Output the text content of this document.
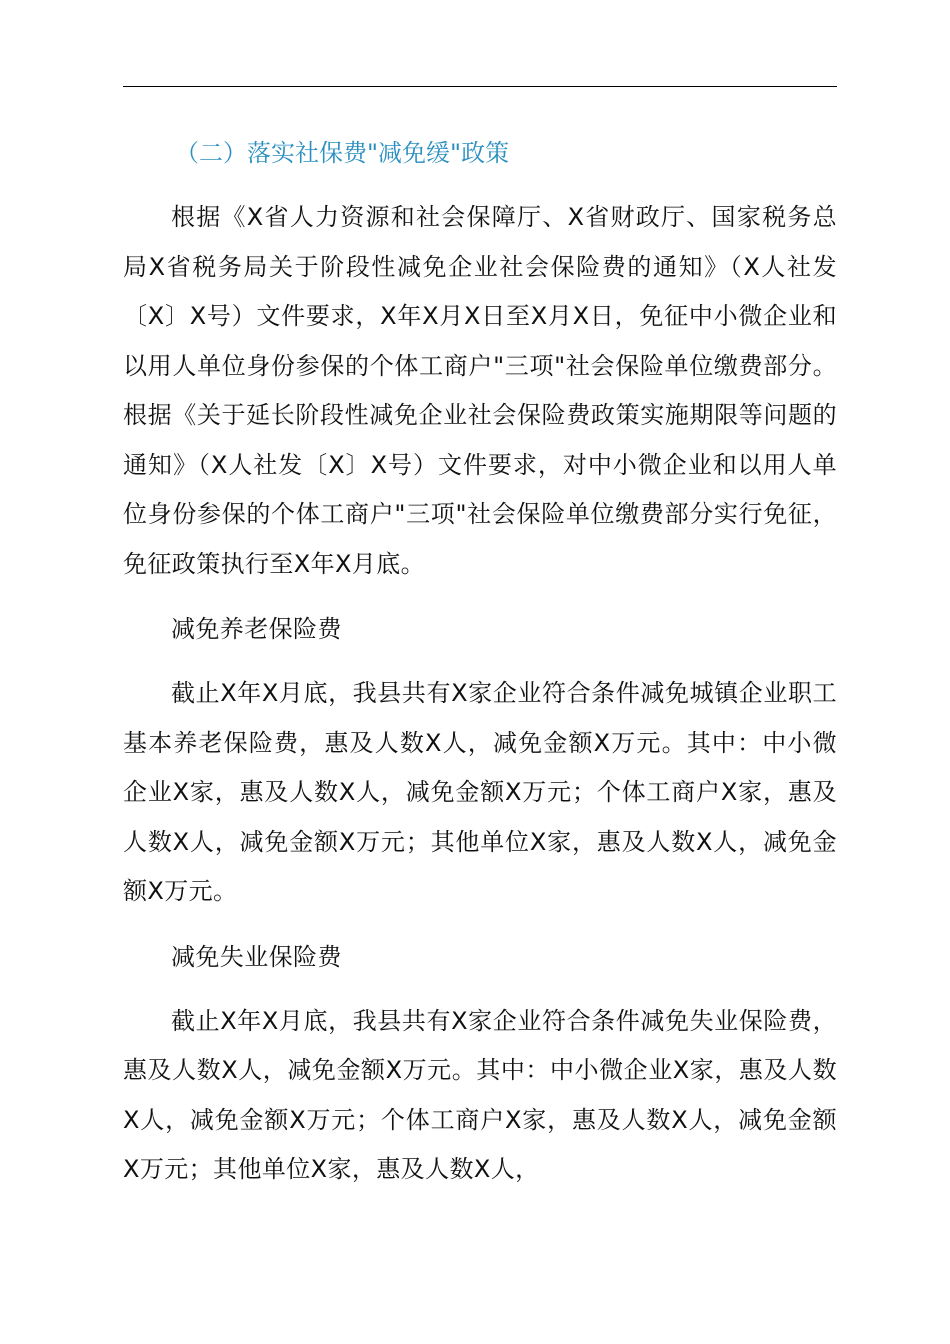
（二）落实社保费"减免缓"政策

根据《X省人力资源和社会保障厅、X省财政厅、国家税务总局X省税务局关于阶段性减免企业社会保险费的通知》（X人社发〔X〕X号）文件要求，X年X月X日至X月X日，免征中小微企业和以用人单位身份参保的个体工商户"三项"社会保险单位缴费部分。根据《关于延长阶段性减免企业社会保险费政策实施期限等问题的通知》（X人社发〔X〕X号）文件要求，对中小微企业和以用人单位身份参保的个体工商户"三项"社会保险单位缴费部分实行免征，免征政策执行至X年X月底。

减免养老保险费

截止X年X月底，我县共有X家企业符合条件减免城镇企业职工基本养老保险费，惠及人数X人，减免金额X万元。其中：中小微企业X家，惠及人数X人，减免金额X万元；个体工商户X家，惠及人数X人，减免金额X万元；其他单位X家，惠及人数X人，减免金额X万元。

减免失业保险费

截止X年X月底，我县共有X家企业符合条件减免失业保险费，惠及人数X人，减免金额X万元。其中：中小微企业X家，惠及人数X人，减免金额X万元；个体工商户X家，惠及人数X人，减免金额X万元；其他单位X家，惠及人数X人，
